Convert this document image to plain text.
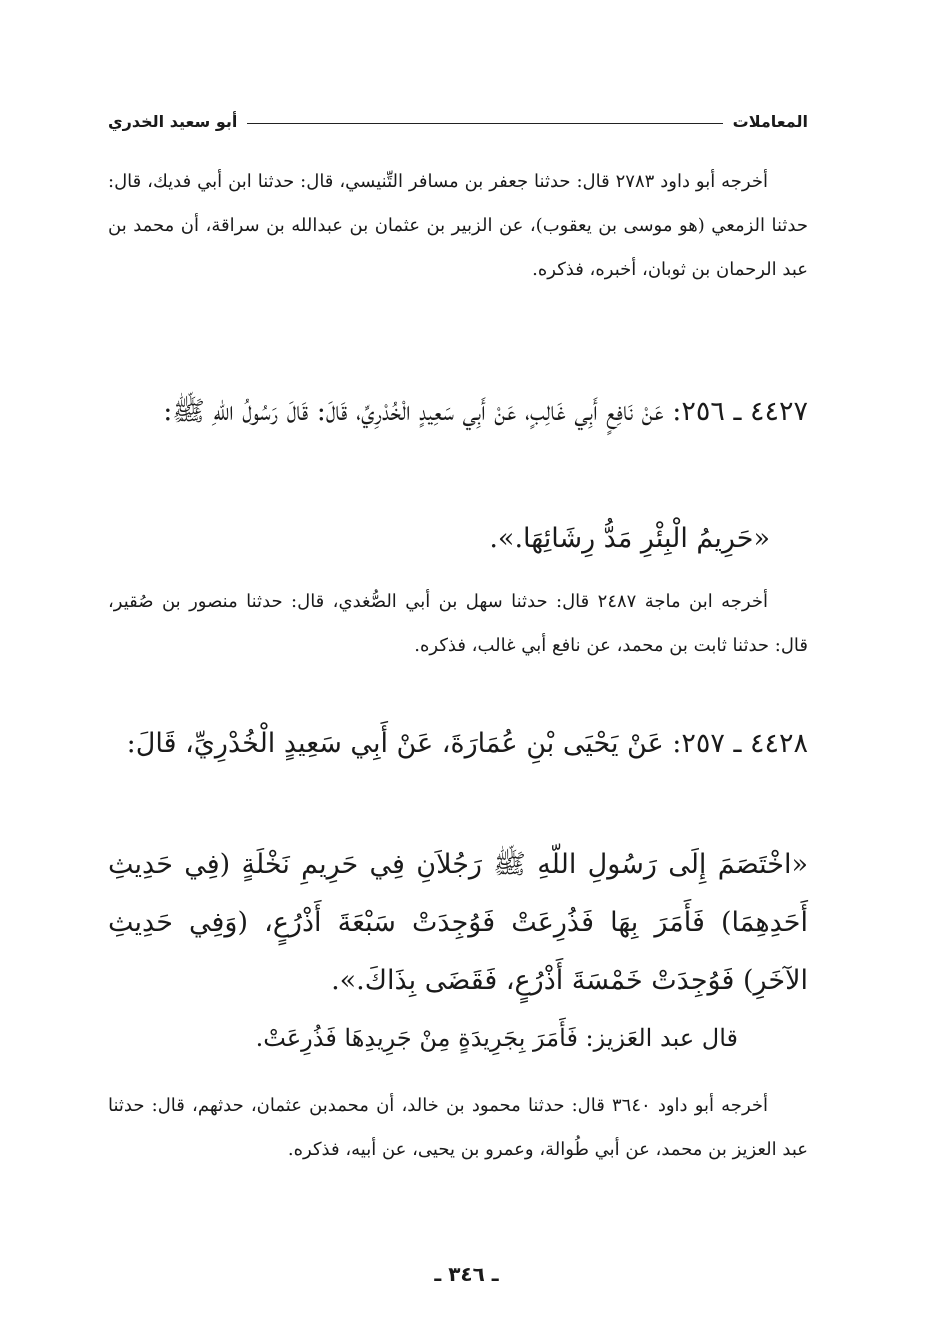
المعاملات
أبو سعيد الخدري

أخرجه أبو داود ٢٧٨٣ قال: حدثنا جعفر بن مسافر التِّنيسي، قال: حدثنا ابن أبي فديك، قال: حدثنا الزمعي (هو موسى بن يعقوب)، عن الزبير بن عثمان بن عبدالله بن سراقة، أن محمد بن عبد الرحمان بن ثوبان، أخبره، فذكره.

٤٤٢٧ ـ ٢٥٦: عَنْ نَافِعٍ أَبِي غَالِبٍ، عَنْ أَبِي سَعِيدٍ الْخُدْرِيِّ، قَالَ: قَالَ رَسُولُ اللّهِ ﷺ:

«حَرِيمُ الْبِئْرِ مَدُّ رِشَائِهَا.».

أخرجه ابن ماجة ٢٤٨٧ قال: حدثنا سهل بن أبي الصُّغدي، قال: حدثنا منصور بن صُقير، قال: حدثنا ثابت بن محمد، عن نافع أبي غالب، فذكره.

٤٤٢٨ ـ ٢٥٧: عَنْ يَحْيَى بْنِ عُمَارَةَ، عَنْ أَبِي سَعِيدٍ الْخُدْرِيِّ، قَالَ:

«اخْتَصَمَ إِلَى رَسُولِ اللّهِ ﷺ رَجُلاَنِ فِي حَرِيمِ نَخْلَةٍ (فِي حَدِيثِ أَحَدِهِمَا) فَأَمَرَ بِهَا فَذُرِعَتْ فَوُجِدَتْ سَبْعَةَ أَذْرُعٍ، (وَفِي حَدِيثِ الآخَرِ) فَوُجِدَتْ خَمْسَةَ أَذْرُعٍ، فَقَضَى بِذَاكَ.».

قال عبد العَزيز: فَأَمَرَ بِجَرِيدَةٍ مِنْ جَرِيدِهَا فَذُرِعَتْ.

أخرجه أبو داود ٣٦٤٠ قال: حدثنا محمود بن خالد، أن محمدبن عثمان، حدثهم، قال: حدثنا عبد العزيز بن محمد، عن أبي طُوالة، وعمرو بن يحيى، عن أبيه، فذكره.

ـ ٣٤٦ ـ
